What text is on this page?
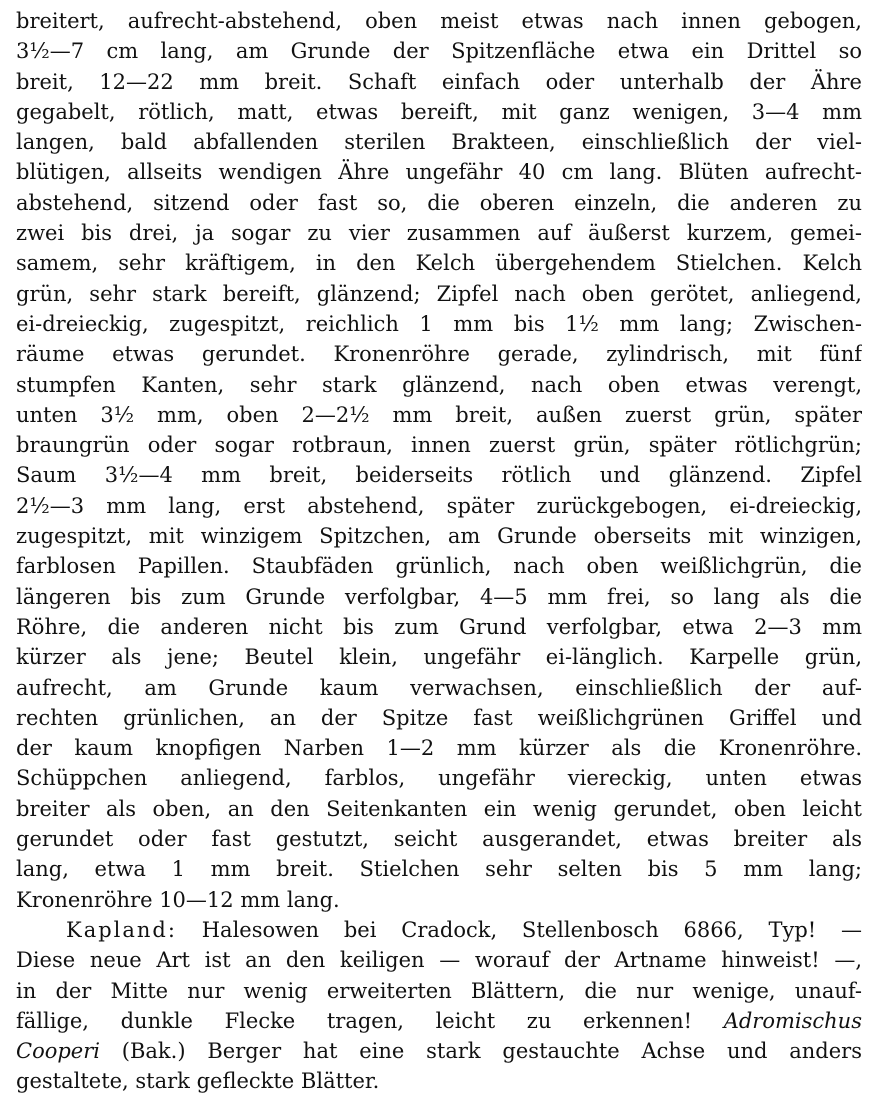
breitert, aufrecht-abstehend, oben meist etwas nach innen gebogen,
3½—7 cm lang, am Grunde der Spitzenfläche etwa ein Drittel so
breit, 12—22 mm breit. Schaft einfach oder unterhalb der Ähre
gegabelt, rötlich, matt, etwas bereift, mit ganz wenigen, 3—4 mm
langen, bald abfallenden sterilen Brakteen, einschließlich der viel-
blütigen, allseits wendigen Ähre ungefähr 40 cm lang. Blüten aufrecht-
abstehend, sitzend oder fast so, die oberen einzeln, die anderen zu
zwei bis drei, ja sogar zu vier zusammen auf äußerst kurzem, gemei-
samem, sehr kräftigem, in den Kelch übergehendem Stielchen. Kelch
grün, sehr stark bereift, glänzend; Zipfel nach oben gerötet, anliegend,
ei-dreieckig, zugespitzt, reichlich 1 mm bis 1½ mm lang; Zwischen-
räume etwas gerundet. Kronenröhre gerade, zylindrisch, mit fünf
stumpfen Kanten, sehr stark glänzend, nach oben etwas verengt,
unten 3½ mm, oben 2—2½ mm breit, außen zuerst grün, später
braungrün oder sogar rotbraun, innen zuerst grün, später rötlichgrün;
Saum 3½—4 mm breit, beiderseits rötlich und glänzend. Zipfel
2½—3 mm lang, erst abstehend, später zurückgebogen, ei-dreieckig,
zugespitzt, mit winzigem Spitzchen, am Grunde oberseits mit winzigen,
farblosen Papillen. Staubfäden grünlich, nach oben weißlichgrün, die
längeren bis zum Grunde verfolgbar, 4—5 mm frei, so lang als die
Röhre, die anderen nicht bis zum Grund verfolgbar, etwa 2—3 mm
kürzer als jene; Beutel klein, ungefähr ei-länglich. Karpelle grün,
aufrecht, am Grunde kaum verwachsen, einschließlich der auf-
rechten grünlichen, an der Spitze fast weißlichgrünen Griffel und
der kaum knopfigen Narben 1—2 mm kürzer als die Kronenröhre.
Schüppchen anliegend, farblos, ungefähr viereckig, unten etwas
breiter als oben, an den Seitenkanten ein wenig gerundet, oben leicht
gerundet oder fast gestutzt, seicht ausgerandet, etwas breiter als
lang, etwa 1 mm breit. Stielchen sehr selten bis 5 mm lang;
Kronenröhre 10—12 mm lang.
Kapland: Halesowen bei Cradock, Stellenbosch 6866, Typ! —
Diese neue Art ist an den keiligen — worauf der Artname hinweist! —,
in der Mitte nur wenig erweiterten Blättern, die nur wenige, unauf-
fällige, dunkle Flecke tragen, leicht zu erkennen! Adromischus
Cooperi (Bak.) Berger hat eine stark gestauchte Achse und anders
gestaltete, stark gefleckte Blätter.
